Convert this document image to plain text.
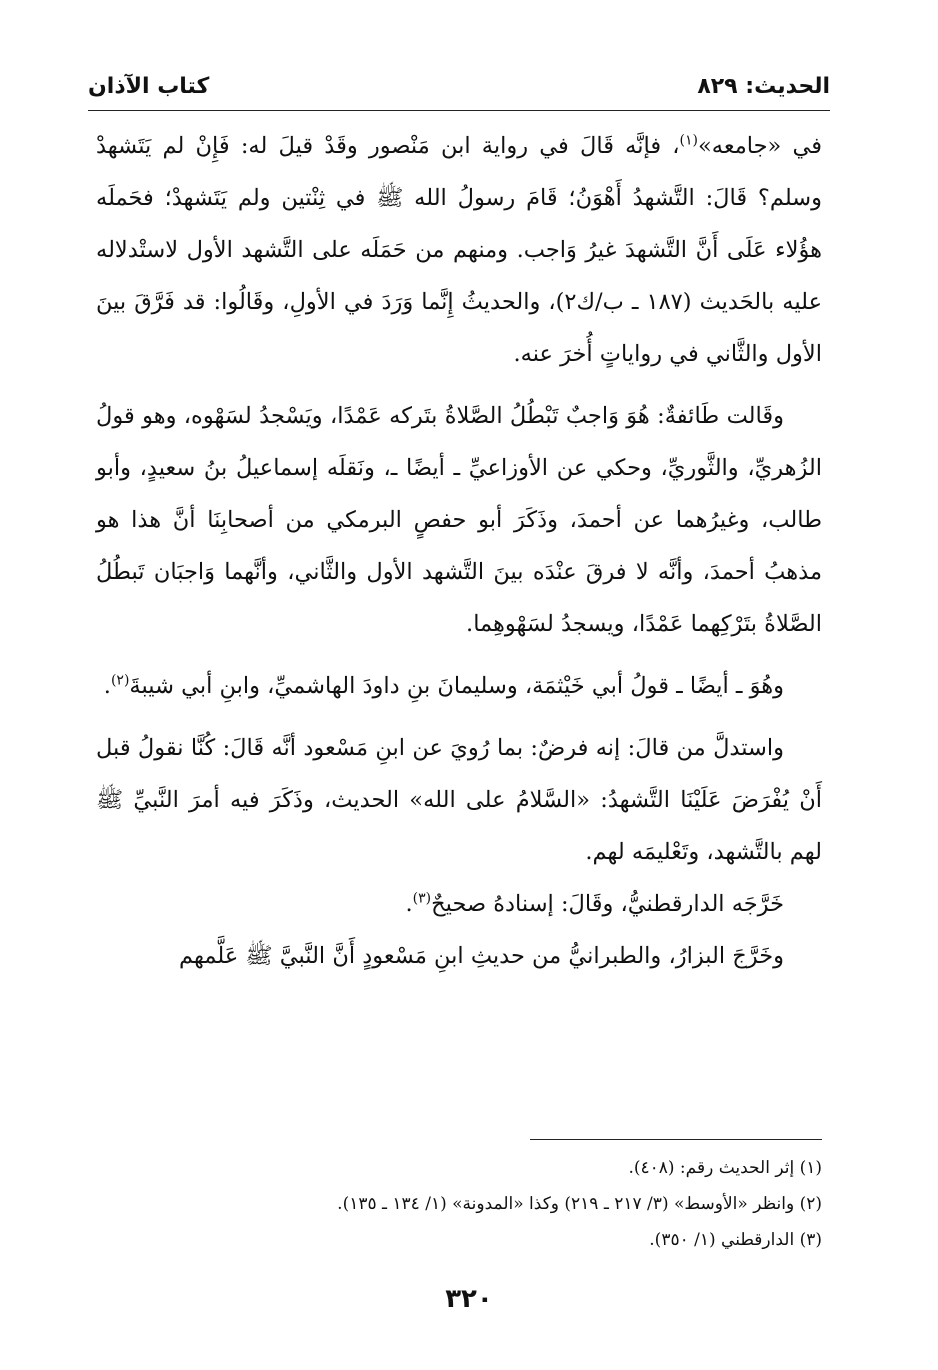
الحديث: ٨٢٩
كتاب الآذان

في «جامعه»$^{(١)}$، فإنَّه قَالَ في رواية ابن مَنْصور وقَدْ قيلَ له: فَإِنْ لم يَتَشهدْ وسلم؟ قَالَ: التَّشهدُ أَهْوَنُ؛ قَامَ رسولُ الله ﷺ في ثِنْتين ولم يَتَشهدْ؛ فحَملَه هؤُلاء عَلَى أَنَّ التَّشهدَ غيرُ وَاجب. ومنهم من حَمَلَه على التَّشهد الأول لاستْدلاله عليه بالحَديث (١٨٧ ـ ب/ك٢)، والحديثُ إِنَّما وَرَدَ في الأولِ، وقَالُوا: قد فَرَّقَ بينَ الأول والثَّاني في رواياتٍ أُخرَ عنه.

وقَالت طَائفةٌ: هُوَ وَاجبٌ تَبْطُلُ الصَّلاةُ بتَركه عَمْدًا، ويَسْجدُ لسَهْوه، وهو قولُ الزُهريِّ، والثَّوريِّ، وحكي عن الأوزاعيِّ ـ أيضًا ـ، ونَقلَه إسماعيلُ بنُ سعيدٍ، وأبو طالب، وغيرُهما عن أحمدَ، وذَكَرَ أبو حفصٍ البرمكي من أصحابِنَا أنَّ هذا هو مذهبُ أحمدَ، وأنَّه لا فرقَ عنْدَه بينَ التَّشهد الأول والثَّاني، وأنَّهما وَاجبَان تَبطُلُ الصَّلاةُ بتَرْكِهما عَمْدًا، ويسجدُ لسَهْوهِما.

وهُوَ ـ أيضًا ـ قولُ أبي خَيْثمَة، وسليمانَ بنِ داودَ الهاشميِّ، وابنِ أبي شيبةَ$^{(٢)}$.

واستدلَّ من قالَ: إنه فرضٌ: بما رُويَ عن ابنِ مَسْعود أنَّه قَالَ: كُنَّا نقولُ قبل أَنْ يُفْرَضَ عَلَيْنَا التَّشهدُ: «السَّلامُ على الله» الحديث، وذَكَرَ فيه أمرَ النَّبيِّ ﷺ لهم بالتَّشهد، وتَعْليمَه لهم.

خَرَّجَه الدارقطنيُّ، وقَالَ: إسنادهُ صحيحٌ$^{(٣)}$.

وخَرَّجَ البزارُ، والطبرانيُّ من حديثِ ابنِ مَسْعودٍ أَنَّ النَّبيَّ ﷺ عَلَّمهم

(١) إثر الحديث رقم: (٤٠٨).

(٢) وانظر «الأوسط» (٣/ ٢١٧ ـ ٢١٩) وكذا «المدونة» (١/ ١٣٤ ـ ١٣٥).

(٣) الدارقطني (١/ ٣٥٠).

٣٢٠
